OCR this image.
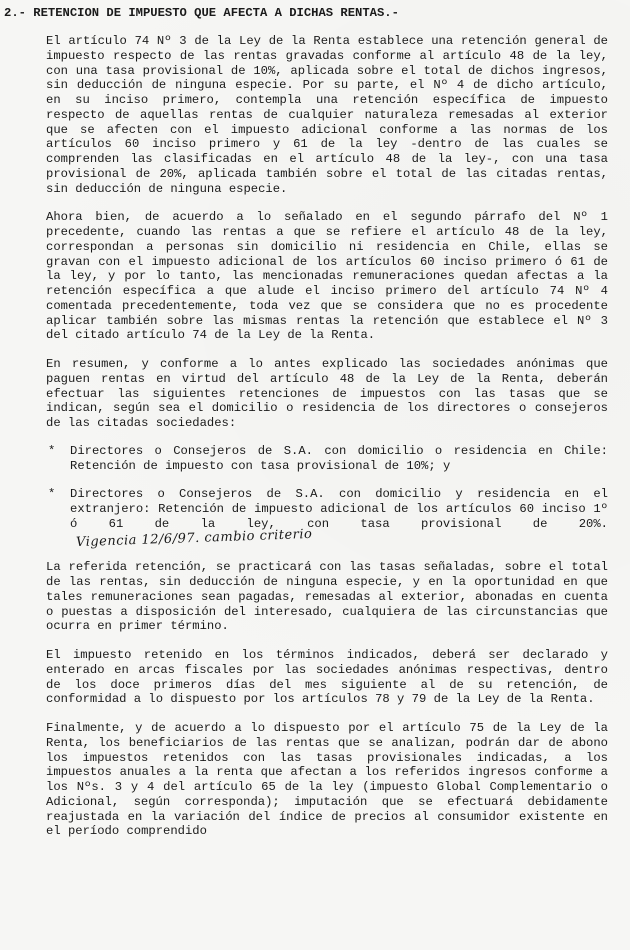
2.- RETENCION DE IMPUESTO QUE AFECTA A DICHAS RENTAS.-

El artículo 74 Nº 3 de la Ley de la Renta establece una retención general de impuesto respecto de las rentas gravadas conforme al artículo 48 de la ley, con una tasa provisional de 10%, aplicada sobre el total de dichos ingresos, sin deducción de ninguna especie. Por su parte, el Nº 4 de dicho artículo, en su inciso primero, contempla una retención específica de impuesto respecto de aquellas rentas de cualquier naturaleza remesadas al exterior que se afecten con el impuesto adicional conforme a las normas de los artículos 60 inciso primero y 61 de la ley -dentro de las cuales se comprenden las clasificadas en el artículo 48 de la ley-, con una tasa provisional de 20%, aplicada también sobre el total de las citadas rentas, sin deducción de ninguna especie.

Ahora bien, de acuerdo a lo señalado en el segundo párrafo del Nº 1 precedente, cuando las rentas a que se refiere el artículo 48 de la ley, correspondan a personas sin domicilio ni residencia en Chile, ellas se gravan con el impuesto adicional de los artículos 60 inciso primero ó 61 de la ley, y por lo tanto, las mencionadas remuneraciones quedan afectas a la retención específica a que alude el inciso primero del artículo 74 Nº 4 comentada precedentemente, toda vez que se considera que no es procedente aplicar también sobre las mismas rentas la retención que establece el Nº 3 del citado artículo 74 de la Ley de la Renta.

En resumen, y conforme a lo antes explicado las sociedades anónimas que paguen rentas en virtud del artículo 48 de la Ley de la Renta, deberán efectuar las siguientes retenciones de impuestos con las tasas que se indican, según sea el domicilio o residencia de los directores o consejeros de las citadas sociedades:

* Directores o Consejeros de S.A. con domicilio o residencia en Chile: Retención de impuesto con tasa provisional de 10%; y
* Directores o Consejeros de S.A. con domicilio y residencia en el extranjero: Retención de impuesto adicional de los artículos 60 inciso 1º ó 61 de la ley, con tasa provisional de 20%. Vigencia 12/6/97. cambio criterio

La referida retención, se practicará con las tasas señaladas, sobre el total de las rentas, sin deducción de ninguna especie, y en la oportunidad en que tales remuneraciones sean pagadas, remesadas al exterior, abonadas en cuenta o puestas a disposición del interesado, cualquiera de las circunstancias que ocurra en primer término.

El impuesto retenido en los términos indicados, deberá ser declarado y enterado en arcas fiscales por las sociedades anónimas respectivas, dentro de los doce primeros días del mes siguiente al de su retención, de conformidad a lo dispuesto por los artículos 78 y 79 de la Ley de la Renta.

Finalmente, y de acuerdo a lo dispuesto por el artículo 75 de la Ley de la Renta, los beneficiarios de las rentas que se analizan, podrán dar de abono los impuestos retenidos con las tasas provisionales indicadas, a los impuestos anuales a la renta que afectan a los referidos ingresos conforme a los Nºs. 3 y 4 del artículo 65 de la ley (impuesto Global Complementario o Adicional, según corresponda); imputación que se efectuará debidamente reajustada en la variación del índice de precios al consumidor existente en el período comprendido
